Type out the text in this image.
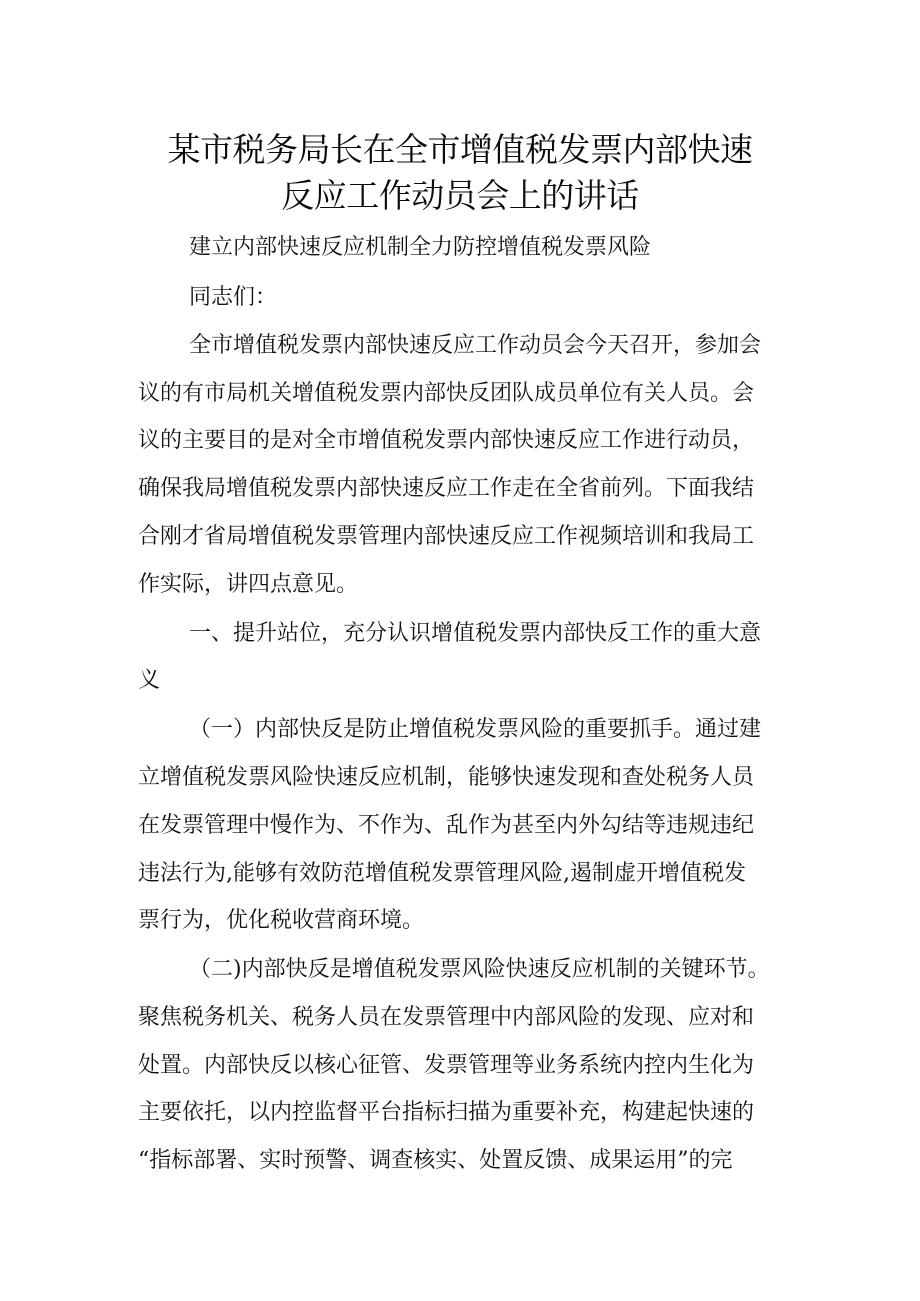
某市税务局长在全市增值税发票内部快速
反应工作动员会上的讲话
建立内部快速反应机制全力防控增值税发票风险
同志们：
全市增值税发票内部快速反应工作动员会今天召开，参加会
议的有市局机关增值税发票内部快反团队成员单位有关人员。会
议的主要目的是对全市增值税发票内部快速反应工作进行动员，
确保我局增值税发票内部快速反应工作走在全省前列。下面我结
合刚才省局增值税发票管理内部快速反应工作视频培训和我局工
作实际，讲四点意见。
一、提升站位，充分认识增值税发票内部快反工作的重大意
义
（一）内部快反是防止增值税发票风险的重要抓手。通过建
立增值税发票风险快速反应机制，能够快速发现和查处税务人员
在发票管理中慢作为、不作为、乱作为甚至内外勾结等违规违纪
违法行为,能够有效防范增值税发票管理风险,遏制虚开增值税发
票行为，优化税收营商环境。
（二)内部快反是增值税发票风险快速反应机制的关键环节。
聚焦税务机关、税务人员在发票管理中内部风险的发现、应对和
处置。内部快反以核心征管、发票管理等业务系统内控内生化为
主要依托，以内控监督平台指标扫描为重要补充，构建起快速的
“指标部署、实时预警、调查核实、处置反馈、成果运用”的完
